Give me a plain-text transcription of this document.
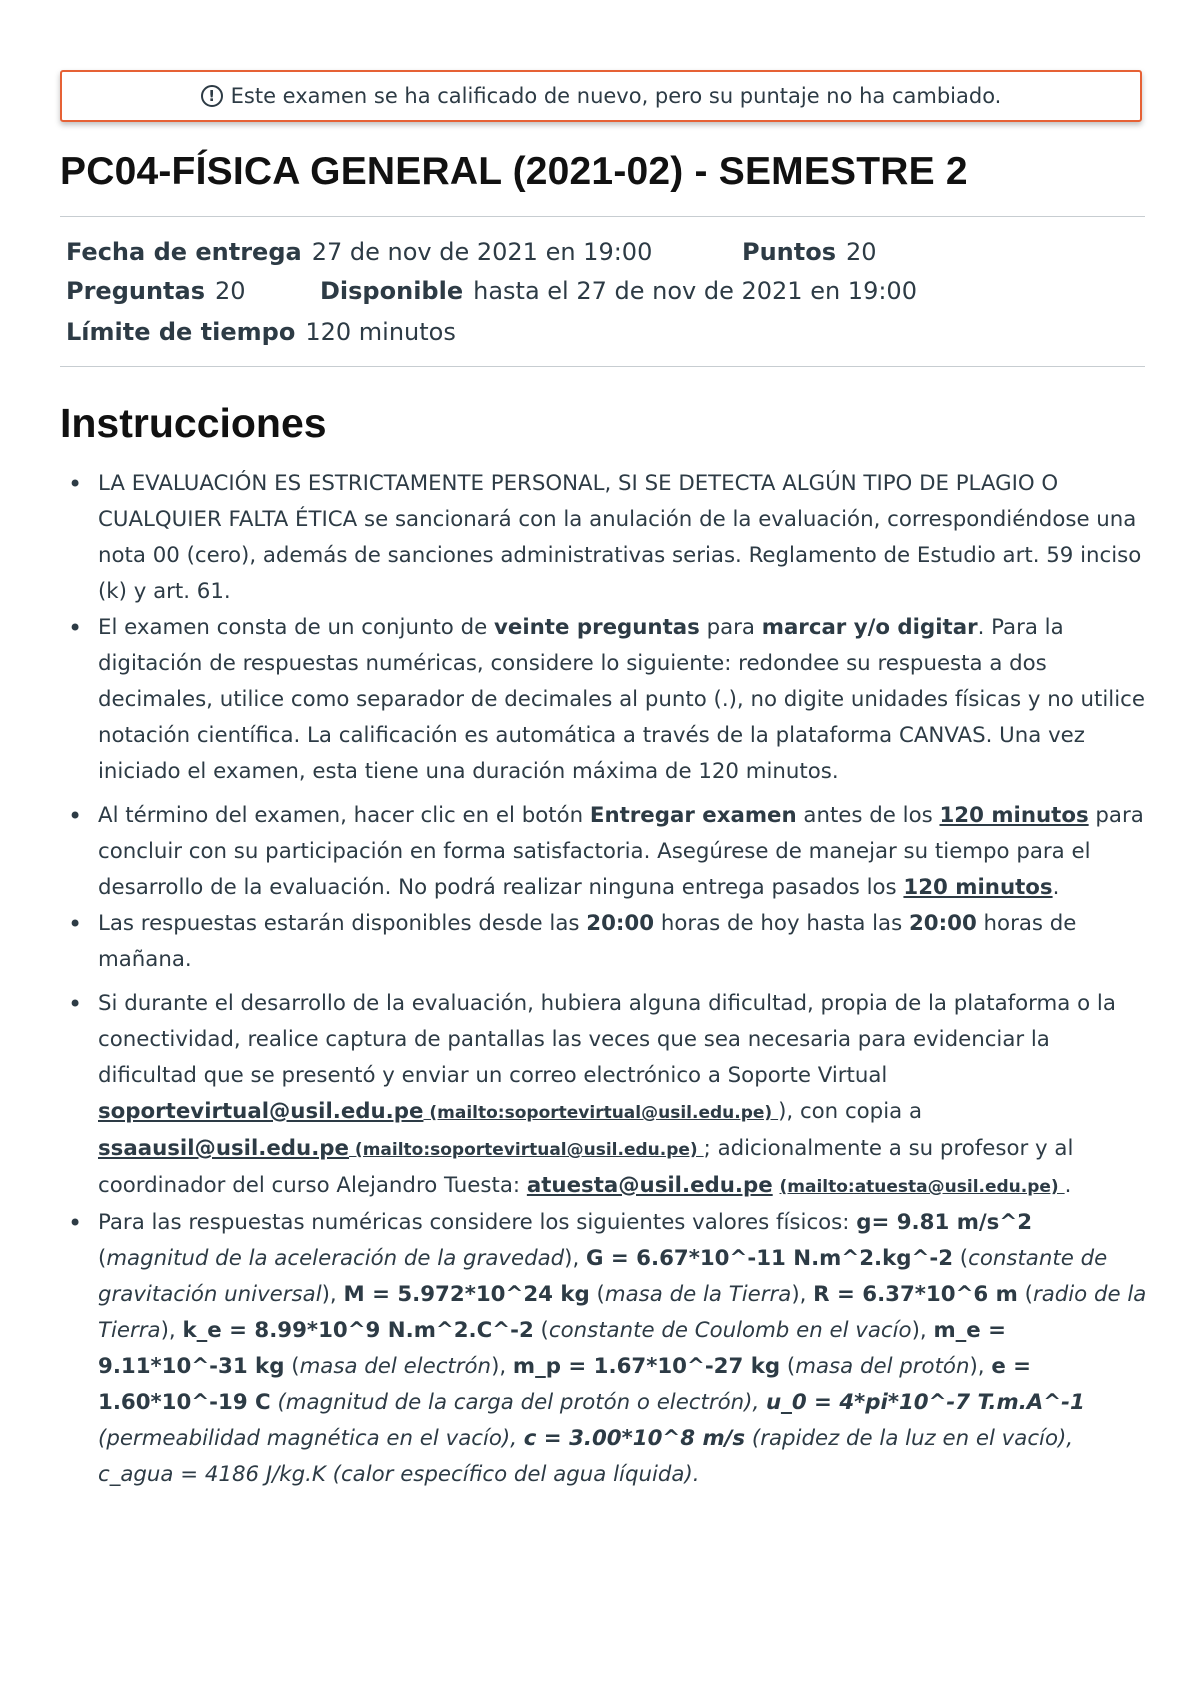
! Este examen se ha calificado de nuevo, pero su puntaje no ha cambiado.
PC04-FÍSICA GENERAL (2021-02) - SEMESTRE 2
Fecha de entrega 27 de nov de 2021 en 19:00	Puntos 20
Preguntas 20	Disponible hasta el 27 de nov de 2021 en 19:00
Límite de tiempo 120 minutos
Instrucciones
• LA EVALUACIÓN ES ESTRICTAMENTE PERSONAL, SI SE DETECTA ALGÚN TIPO DE PLAGIO O CUALQUIER FALTA ÉTICA se sancionará con la anulación de la evaluación, correspondiéndose una nota 00 (cero), además de sanciones administrativas serias. Reglamento de Estudio art. 59 inciso (k) y art. 61.
• El examen consta de un conjunto de veinte preguntas para marcar y/o digitar. Para la digitación de respuestas numéricas, considere lo siguiente: redondee su respuesta a dos decimales, utilice como separador de decimales al punto (.), no digite unidades físicas y no utilice notación científica. La calificación es automática a través de la plataforma CANVAS. Una vez iniciado el examen, esta tiene una duración máxima de 120 minutos.
• Al término del examen, hacer clic en el botón Entregar examen antes de los 120 minutos para concluir con su participación en forma satisfactoria. Asegúrese de manejar su tiempo para el desarrollo de la evaluación. No podrá realizar ninguna entrega pasados los 120 minutos.
• Las respuestas estarán disponibles desde las 20:00 horas de hoy hasta las 20:00 horas de mañana.
• Si durante el desarrollo de la evaluación, hubiera alguna dificultad, propia de la plataforma o la conectividad, realice captura de pantallas las veces que sea necesaria para evidenciar la dificultad que se presentó y enviar un correo electrónico a Soporte Virtual soportevirtual@usil.edu.pe (mailto:soportevirtual@usil.edu.pe) ), con copia a ssaausil@usil.edu.pe (mailto:soportevirtual@usil.edu.pe) ; adicionalmente a su profesor y al coordinador del curso Alejandro Tuesta: atuesta@usil.edu.pe (mailto:atuesta@usil.edu.pe) .
• Para las respuestas numéricas considere los siguientes valores físicos: g= 9.81 m/s^2 (magnitud de la aceleración de la gravedad), G = 6.67*10^-11 N.m^2.kg^-2 (constante de gravitación universal), M = 5.972*10^24 kg (masa de la Tierra), R = 6.37*10^6 m (radio de la Tierra), k_e = 8.99*10^9 N.m^2.C^-2 (constante de Coulomb en el vacío), m_e = 9.11*10^-31 kg (masa del electrón), m_p = 1.67*10^-27 kg (masa del protón), e = 1.60*10^-19 C (magnitud de la carga del protón o electrón), u_0 = 4*pi*10^-7 T.m.A^-1 (permeabilidad magnética en el vacío), c = 3.00*10^8 m/s (rapidez de la luz en el vacío), c_agua = 4186 J/kg.K (calor específico del agua líquida).
